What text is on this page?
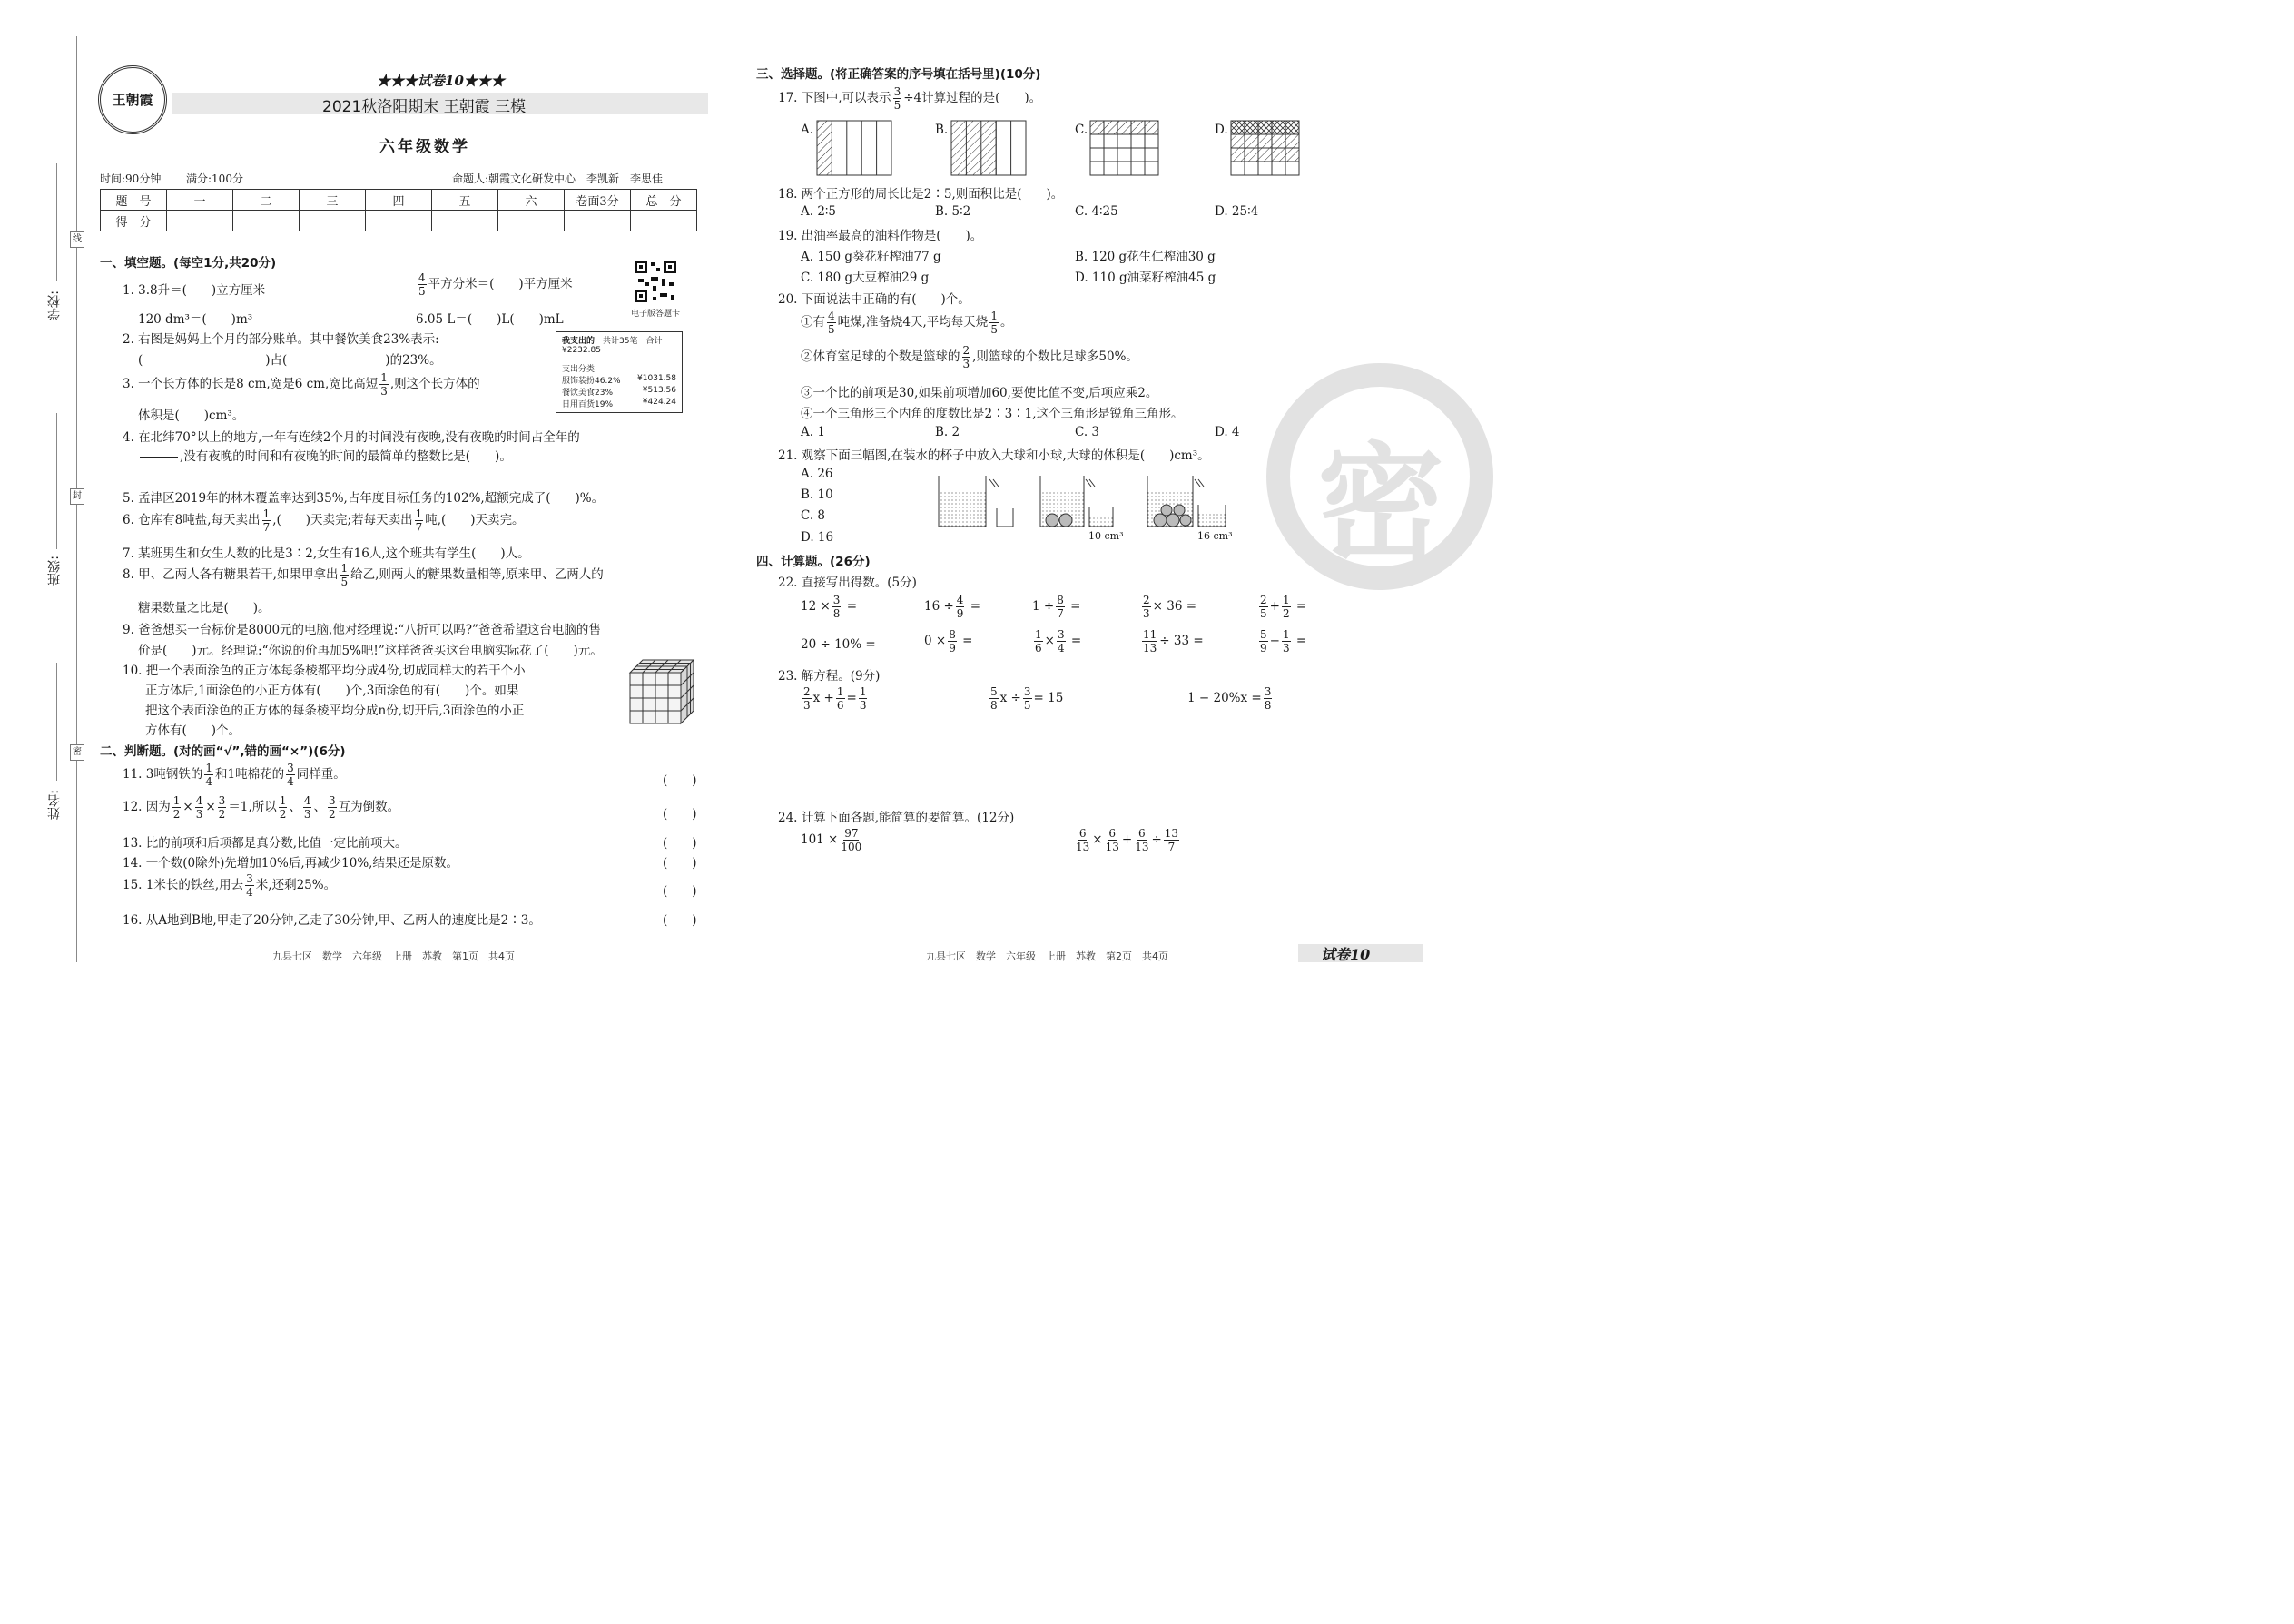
学校:
班级:
姓名:
线
封
密
王朝霞
★★★试卷10★★★
2021秋洛阳期末 王朝霞 三模
六年级数学
时间:90分钟 满分:100分	命题人:朝霞文化研发中心　李凯新　李思佳
题　号	一	二	三	四	五	六	卷面3分	总　分
得　分								
电子版答题卡
一、填空题。(每空1分,共20分)
1. 3.8升＝(　　)立方厘米	$\frac{4}{5}$ 平方分米＝(　　)平方厘米
120 dm³＝(　　)m³	6.05 L＝(　　)L(　　)mL
2. 右图是妈妈上个月的部分账单。其中餐饮美食23%表示:
(　　　　　　　　　　)占(　　　　　　　　)的23%。
我支出的　 共计35笔　 合计
¥2232.85
支出分类
服饰装扮46.2% ¥1031.58
餐饮美食23%	¥513.56
日用百货19%	¥424.24
3. 一个长方体的长是8 cm,宽是6 cm,宽比高短 $\frac{1}{3}$ ,则这个长方体的
体积是(　　)cm³。
4. 在北纬70°以上的地方,一年有连续2个月的时间没有夜晚,没有夜晚的时间占全年的

,没有夜晚的时间和有夜晚的时间的最简单的整数比是(　　)。
5. 孟津区2019年的林木覆盖率达到35%,占年度目标任务的102%,超额完成了(　　)%。
6. 仓库有8吨盐,每天卖出 $\frac{1}{7}$ ,(　　)天卖完;若每天卖出 $\frac{1}{7}$ 吨,(　　)天卖完。
7. 某班男生和女生人数的比是3∶2,女生有16人,这个班共有学生(　　)人。
8. 甲、乙两人各有糖果若干,如果甲拿出 $\frac{1}{5}$ 给乙,则两人的糖果数量相等,原来甲、乙两人的
糖果数量之比是(　　)。
9. 爸爸想买一台标价是8000元的电脑,他对经理说:“八折可以吗?”爸爸希望这台电脑的售
价是(　　)元。经理说:“你说的价再加5%吧!”这样爸爸买这台电脑实际花了(　　)元。
10. 把一个表面涂色的正方体每条棱都平均分成4份,切成同样大的若干个小
正方体后,1面涂色的小正方体有(　　)个,3面涂色的有(　　)个。如果
把这个表面涂色的正方体的每条棱平均分成n份,切开后,3面涂色的小正
方体有(　　)个。
二、判断题。(对的画“√”,错的画“×”)(6分)
11. 3吨钢铁的 $\frac{1}{4}$ 和1吨棉花的 $\frac{3}{4}$ 同样重。	(　　)
12. 因为 $\frac{1}{2} \times \frac{4}{3} \times \frac{3}{2} =1$,所以 $\frac{1}{2}$ 、 $\frac{4}{3}$ 、 $\frac{3}{2}$ 互为倒数。	(　　)
13. 比的前项和后项都是真分数,比值一定比前项大。	(　　)
14. 一个数(0除外)先增加10%后,再减少10%,结果还是原数。	(　　)
15. 1米长的铁丝,用去 $\frac{3}{4}$ 米,还剩25%。	(　　)
16. 从A地到B地,甲走了20分钟,乙走了30分钟,甲、乙两人的速度比是2∶3。	(　　)
三、选择题。(将正确答案的序号填在括号里)(10分)
17. 下图中,可以表示 $\frac{3}{5} \div 4$计算过程的是(　　)。
A.	B.	C.	D.
18. 两个正方形的周长比是2∶5,则面积比是(　　)。
A. 2∶5	B. 5∶2	C. 4∶25	D. 25∶4
19. 出油率最高的油料作物是(　　)。
A. 150 g葵花籽榨油77 g	B. 120 g花生仁榨油30 g
C. 180 g大豆榨油29 g	D. 110 g油菜籽榨油45 g
20. 下面说法中正确的有(　　)个。
①有 $\frac{4}{5}$ 吨煤,准备烧4天,平均每天烧 $\frac{1}{5}$ 。
②体育室足球的个数是篮球的 $\frac{2}{3}$ ,则篮球的个数比足球多50%。
③一个比的前项是30,如果前项增加60,要使比值不变,后项应乘2。
④一个三角形三个内角的度数比是2∶3∶1,这个三角形是锐角三角形。
A. 1	B. 2	C. 3	D. 4
21. 观察下面三幅图,在装水的杯子中放入大球和小球,大球的体积是(　　)cm³。
A. 26
B. 10
C. 8
D. 16	10 cm³	16 cm³
四、计算题。(26分)
22. 直接写出得数。(5分)
$12 \times \frac{3}{8}$ =	$16 \div \frac{4}{9}$ =	$1 \div \frac{8}{7}$ =	$\frac{2}{3} \times 36$ =	$\frac{2}{5} + \frac{1}{2}$ =
20 ÷ 10% =	$0 \times \frac{8}{9}$ =	$\frac{1}{6} \times \frac{3}{4}$ =	$\frac{11}{13} \div 33$ =	$\frac{5}{9} - \frac{1}{3}$ =
23. 解方程。(9分)
$\frac{2}{3}$ $x + \frac{1}{6} = \frac{1}{3}$	$\frac{5}{8}$ $x \div \frac{3}{5} = 15$	$1 - 20\%x = \frac{3}{8}$
24. 计算下面各题,能简算的要简算。(12分)
$101 \times \frac{97}{100}$	$\frac{6}{13} \times \frac{6}{13} + \frac{6}{13} \div \frac{13}{7}$
密
九县七区　数学　六年级　上册　苏教　第1页　共4页	九县七区　数学　六年级　上册　苏教　第2页　共4页	试卷10
